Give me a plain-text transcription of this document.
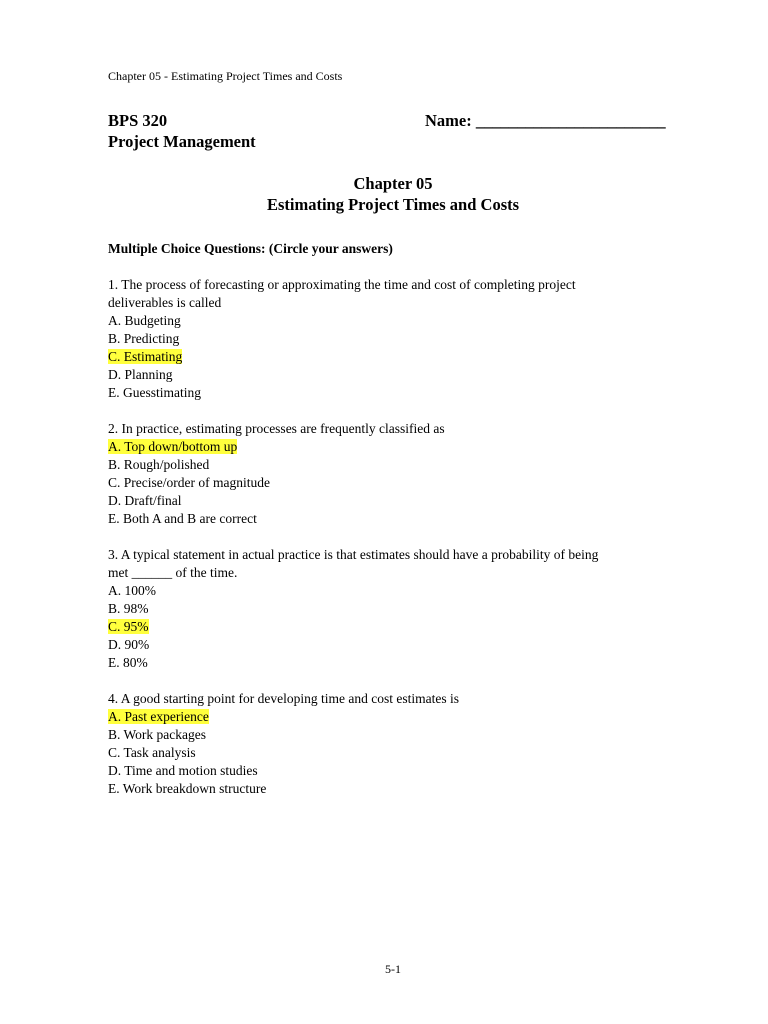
Chapter 05 - Estimating Project Times and Costs
BPS 320
Project Management
Name: _______________________
Chapter 05
Estimating Project Times and Costs
Multiple Choice Questions: (Circle your answers)

1. The process of forecasting or approximating the time and cost of completing project
deliverables is called

A. Budgeting
B. Predicting
C. Estimating
D. Planning
E. Guesstimating

2. In practice, estimating processes are frequently classified as

A. Top down/bottom up
B. Rough/polished
C. Precise/order of magnitude
D. Draft/final
E. Both A and B are correct

3. A typical statement in actual practice is that estimates should have a probability of being
met ______ of the time.

A. 100%
B. 98%
C. 95%
D. 90%
E. 80%

4. A good starting point for developing time and cost estimates is

A. Past experience
B. Work packages
C. Task analysis
D. Time and motion studies
E. Work breakdown structure
5-1
